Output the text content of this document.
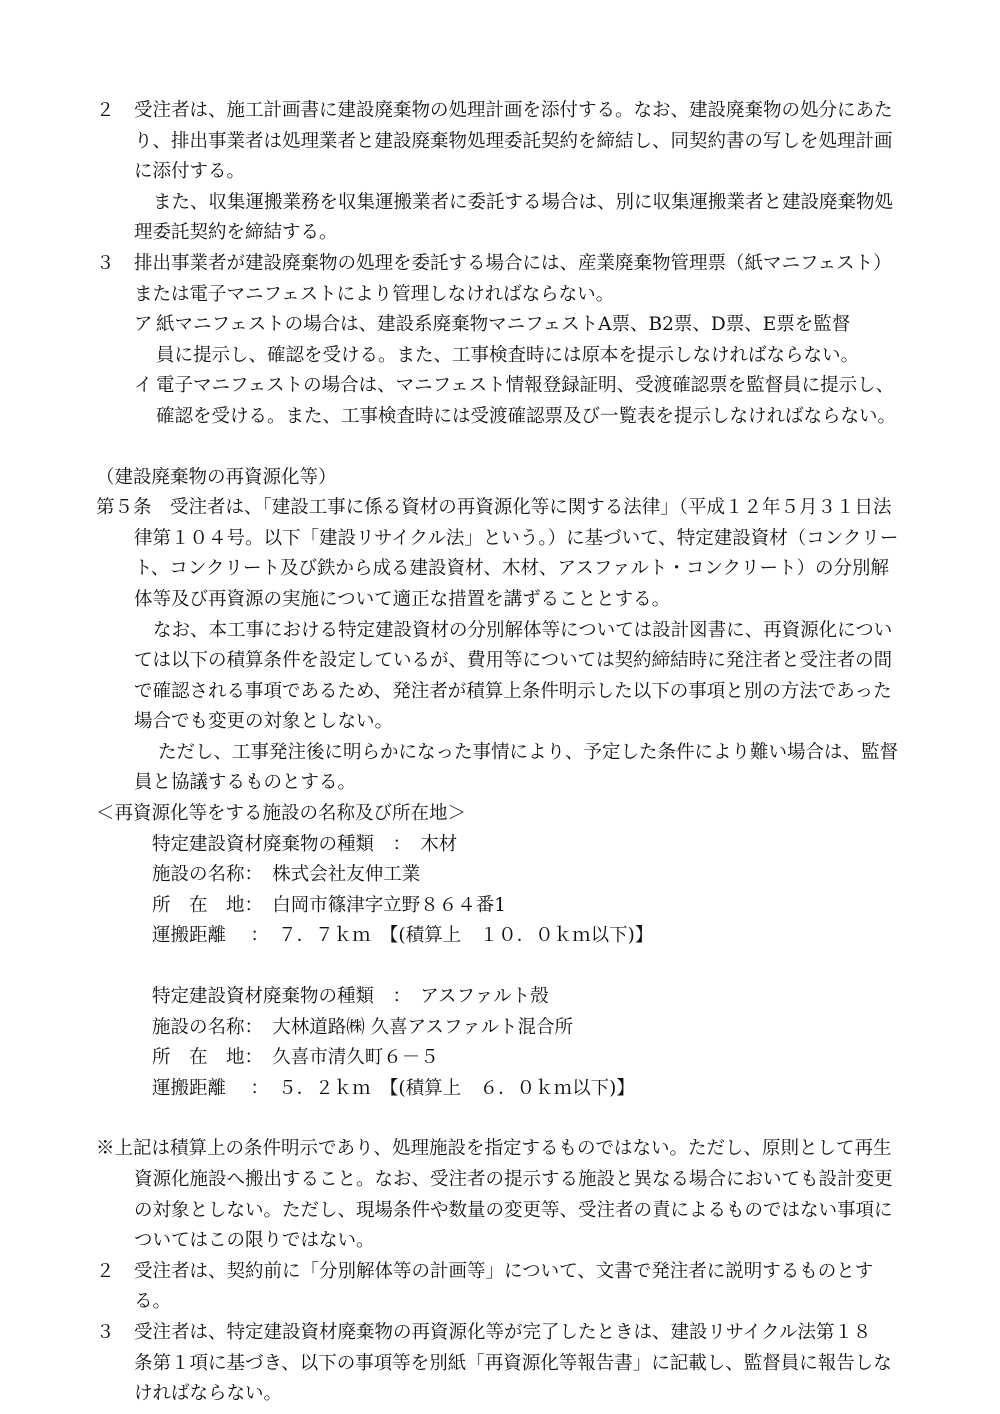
２	受注者は、施工計画書に建設廃棄物の処理計画を添付する。なお、建設廃棄物の処分にあた
り、排出事業者は処理業者と建設廃棄物処理委託契約を締結し、同契約書の写しを処理計画
に添付する。
また、収集運搬業務を収集運搬業者に委託する場合は、別に収集運搬業者と建設廃棄物処
理委託契約を締結する。
３	排出事業者が建設廃棄物の処理を委託する場合には、産業廃棄物管理票（紙マニフェスト）
または電子マニフェストにより管理しなければならない。
ア 紙マニフェストの場合は、建設系廃棄物マニフェストA票、B2票、D票、E票を監督
員に提示し、確認を受ける。また、工事検査時には原本を提示しなければならない。
イ 電子マニフェストの場合は、マニフェスト情報登録証明、受渡確認票を監督員に提示し、
確認を受ける。また、工事検査時には受渡確認票及び一覧表を提示しなければならない。
（建設廃棄物の再資源化等）
第５条　受注者は、「建設工事に係る資材の再資源化等に関する法律」（平成１２年５月３１日法
律第１０４号。以下「建設リサイクル法」という。）に基づいて、特定建設資材（コンクリー
ト、コンクリート及び鉄から成る建設資材、木材、アスファルト・コンクリート）の分別解
体等及び再資源の実施について適正な措置を講ずることとする。
なお、本工事における特定建設資材の分別解体等については設計図書に、再資源化につい
ては以下の積算条件を設定しているが、費用等については契約締結時に発注者と受注者の間
で確認される事項であるため、発注者が積算上条件明示した以下の事項と別の方法であった
場合でも変更の対象としない。
ただし、工事発注後に明らかになった事情により、予定した条件により難い場合は、監督
員と協議するものとする。
＜再資源化等をする施設の名称及び所在地＞
特定建設資材廃棄物の種類　：　木材
施設の名称：　株式会社友伸工業
所　在　地：　白岡市篠津字立野８６４番1
運搬距離　 ：　７．７ｋｍ　【(積算上　１０．０ｋｍ以下)】
特定建設資材廃棄物の種類　：　アスファルト殻
施設の名称：　大林道路㈱ 久喜アスファルト混合所
所　在　地：　久喜市清久町６－５
運搬距離　 ：　５．２ｋｍ　【(積算上　６．０ｋｍ以下)】
※上記は積算上の条件明示であり、処理施設を指定するものではない。ただし、原則として再生
資源化施設へ搬出すること。なお、受注者の提示する施設と異なる場合においても設計変更
の対象としない。ただし、現場条件や数量の変更等、受注者の責によるものではない事項に
ついてはこの限りではない。
２	受注者は、契約前に「分別解体等の計画等」について、文書で発注者に説明するものとする。
３	受注者は、特定建設資材廃棄物の再資源化等が完了したときは、建設リサイクル法第１８
条第１項に基づき、以下の事項等を別紙「再資源化等報告書」に記載し、監督員に報告しな
ければならない。
